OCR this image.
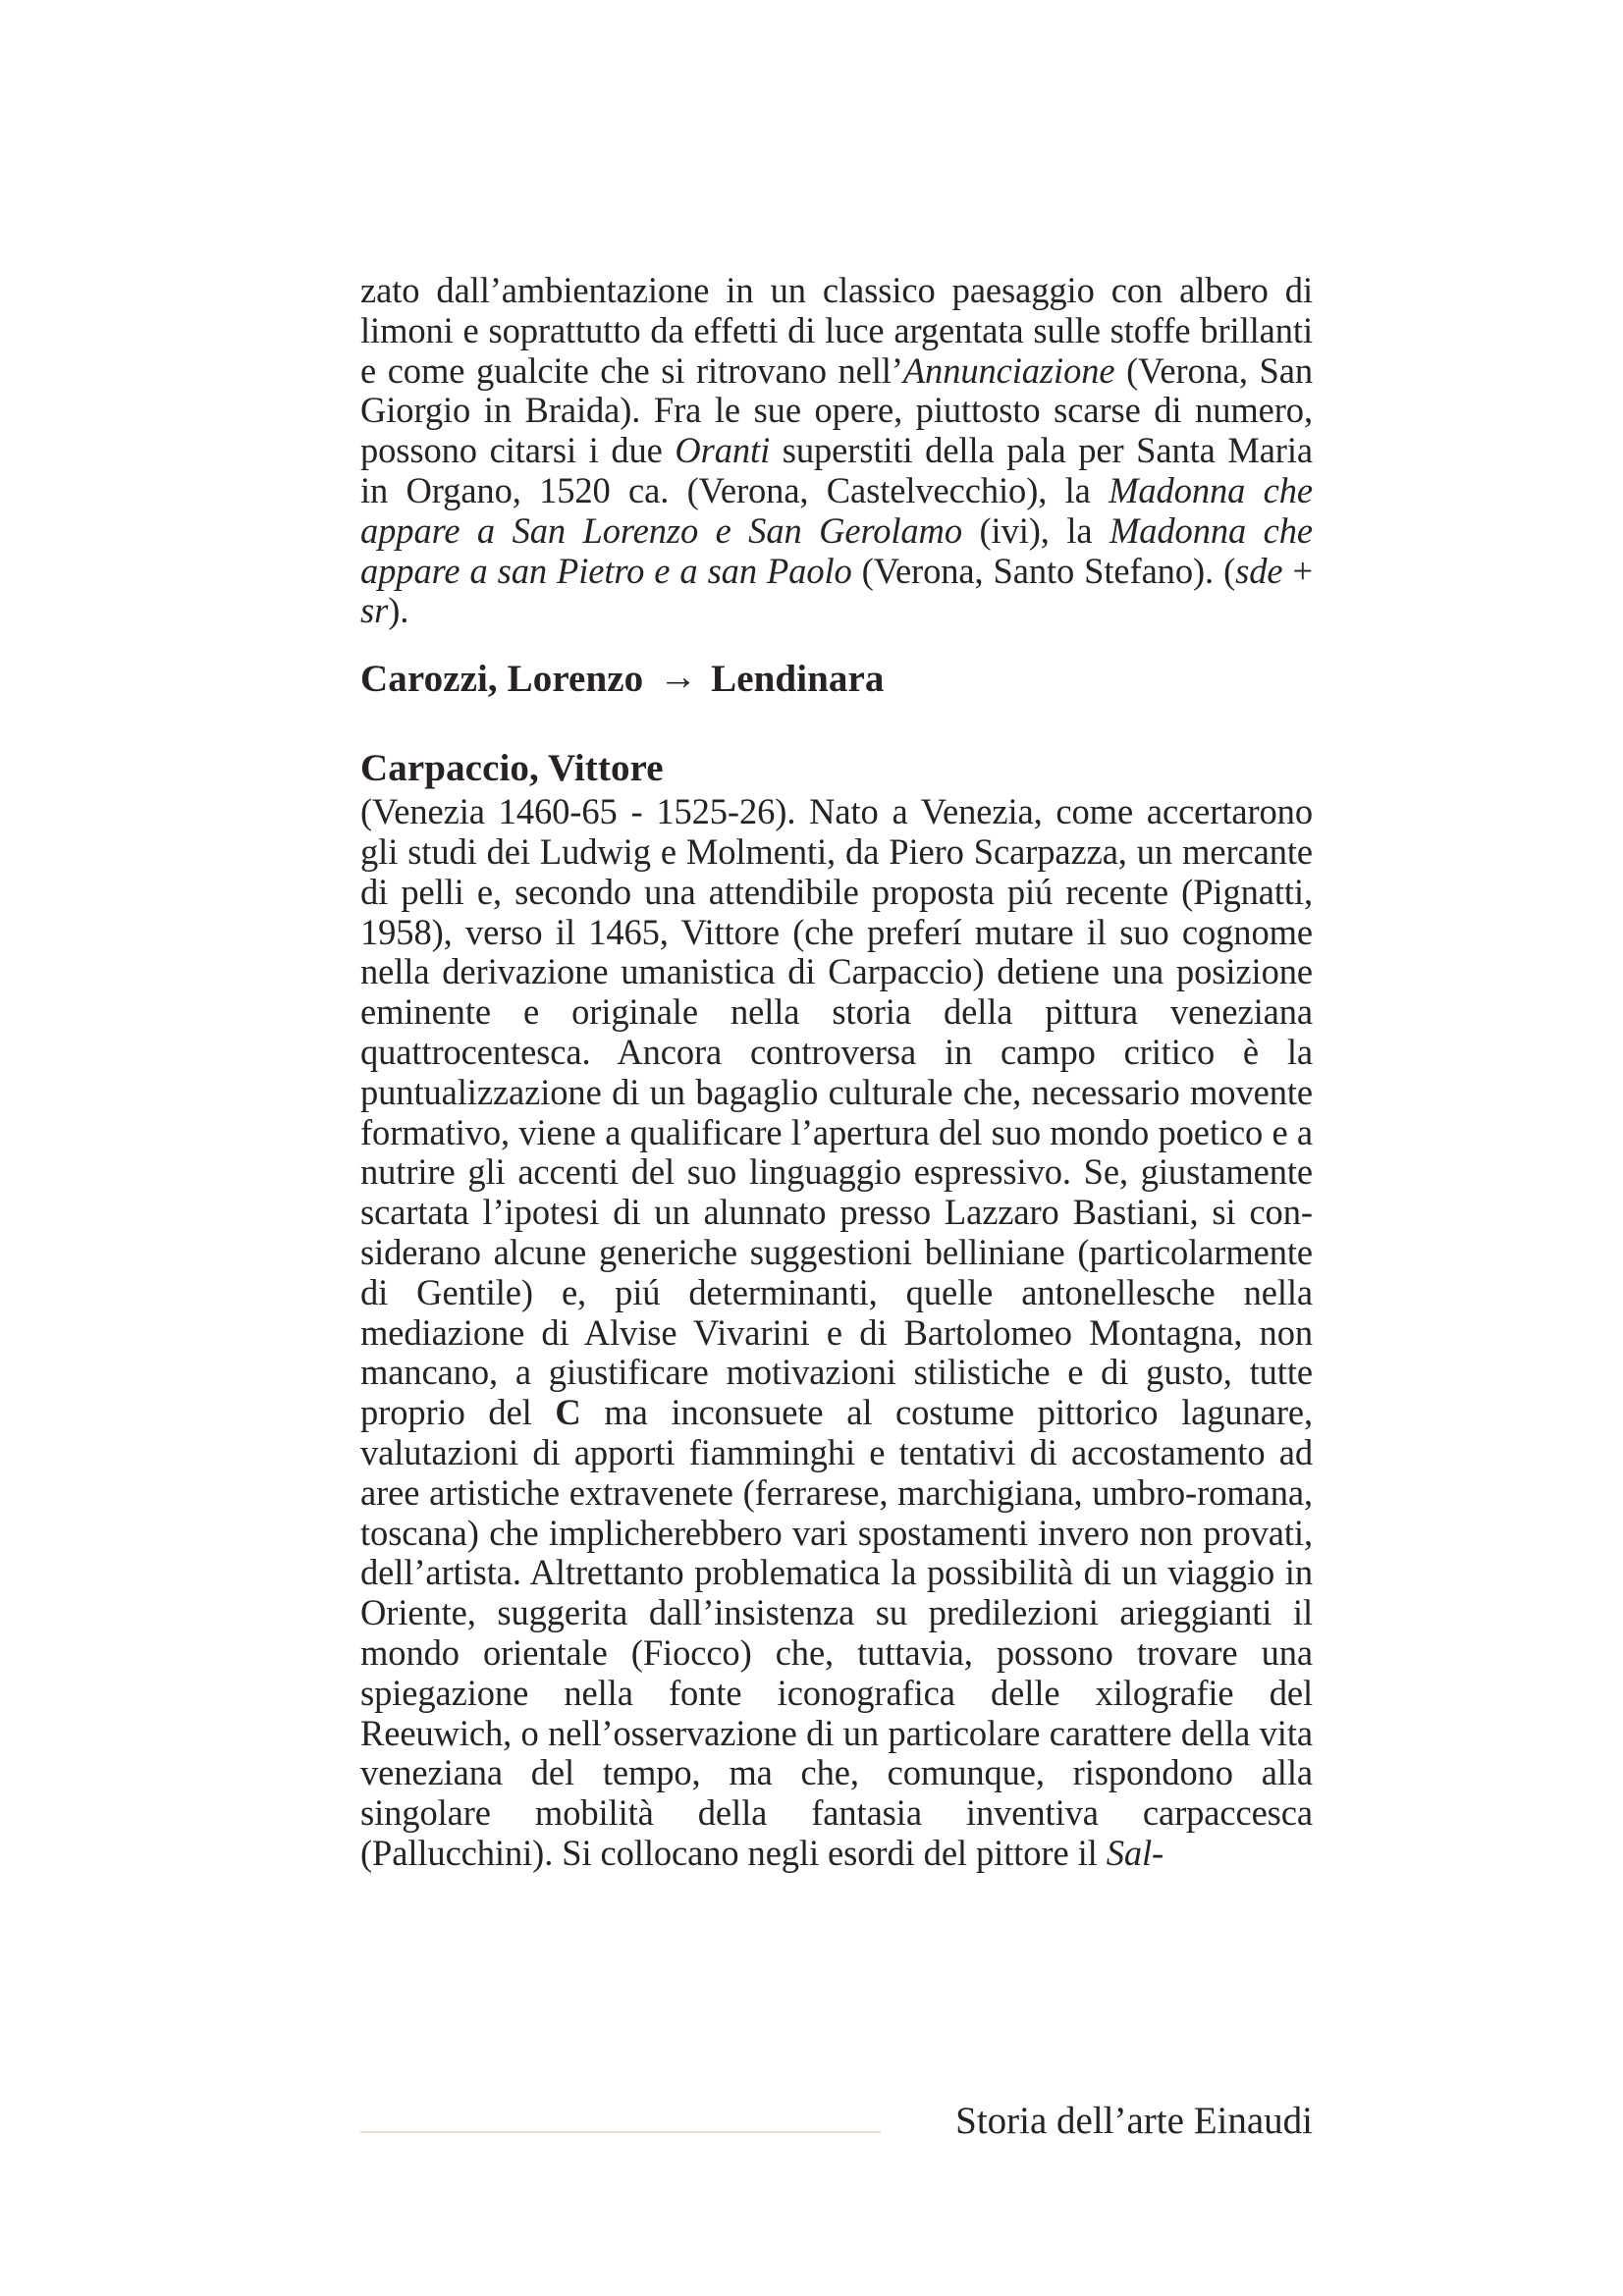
zato dall’ambientazione in un classico paesaggio con albero di limoni e soprattutto da effetti di luce argentata sulle stoffe brillanti e come gualcite che si ritrovano nell’Annunciazione (Verona, San Giorgio in Braida). Fra le sue opere, piuttosto scarse di numero, possono citarsi i due Oranti superstiti della pala per Santa Maria in Organo, 1520 ca. (Verona, Castelvecchio), la Madonna che appare a San Lorenzo e San Gerolamo (ivi), la Madonna che appare a san Pietro e a san Paolo (Verona, Santo Stefano). (sde + sr).

Carozzi, Lorenzo → Lendinara
Carpaccio, Vittore

(Venezia 1460-65 - 1525-26). Nato a Venezia, come accertarono gli studi dei Ludwig e Molmenti, da Piero Scarpazza, un mercante di pelli e, secondo una attendibile proposta piú recente (Pignatti, 1958), verso il 1465, Vittore (che preferí mutare il suo cognome nella derivazione umanistica di Carpaccio) detiene una posizione eminente e originale nella storia della pittura veneziana quattrocentesca. Ancora controversa in campo critico è la puntualizzazione di un bagaglio culturale che, necessario movente formativo, viene a qualificare l’apertura del suo mondo poetico e a nutrire gli accenti del suo linguaggio espressivo. Se, giustamente scartata l’ipotesi di un alunnato presso Lazzaro Bastiani, si considerano alcune generiche suggestioni belliniane (particolarmente di Gentile) e, piú determinanti, quelle antonellesche nella mediazione di Alvise Vivarini e di Bartolomeo Montagna, non mancano, a giustificare motivazioni stilistiche e di gusto, tutte proprio del C ma inconsuete al costume pittorico lagunare, valutazioni di apporti fiamminghi e tentativi di accostamento ad aree artistiche extravenete (ferrarese, marchigiana, umbro-romana, toscana) che implicherebbero vari spostamenti invero non provati, dell’artista. Altrettanto problematica la possibilità di un viaggio in Oriente, suggerita dall’insistenza su predilezioni arieggianti il mondo orientale (Fiocco) che, tuttavia, possono trovare una spiegazione nella fonte iconografica delle xilografie del Reeuwich, o nell’osservazione di un particolare carattere della vita veneziana del tempo, ma che, comunque, rispondono alla singolare mobilità della fantasia inventiva carpaccesca (Pallucchini). Si collocano negli esordi del pittore il Sal-

Storia dell’arte Einaudi
